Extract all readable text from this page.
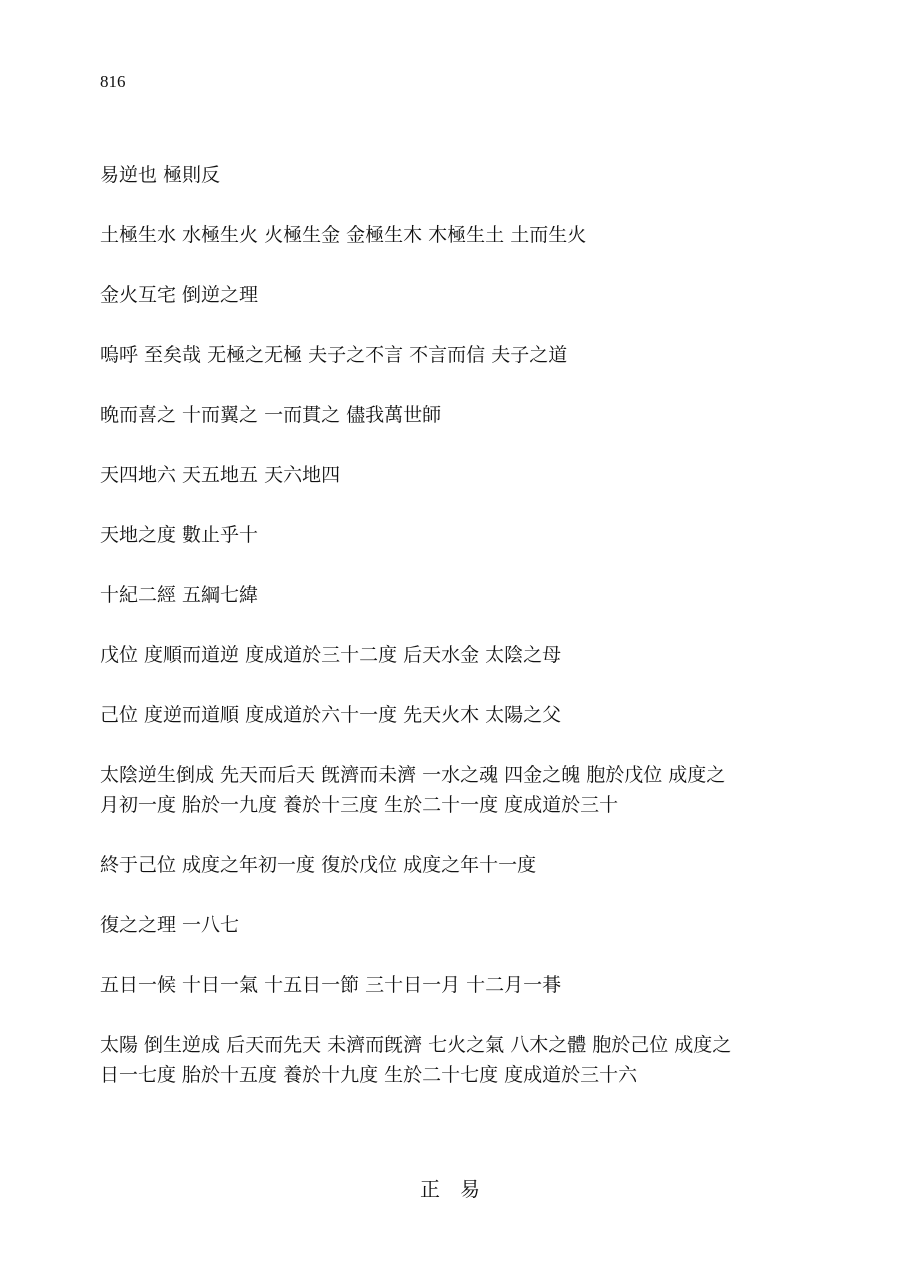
816

易逆也 極則反

土極生水 水極生火 火極生金 金極生木 木極生土 土而生火

金火互宅 倒逆之理

嗚呼 至矣哉 无極之无極 夫子之不言 不言而信 夫子之道

晩而喜之 十而翼之 一而貫之 儘我萬世師

天四地六 天五地五 天六地四

天地之度 數止乎十

十紀二經 五綱七緯

戊位 度順而道逆 度成道於三十二度 后天水金 太陰之母

己位 度逆而道順 度成道於六十一度 先天火木 太陽之父

太陰逆生倒成 先天而后天 旣濟而未濟 一水之魂 四金之魄 胞於戊位 成度之
月初一度 胎於一九度 養於十三度 生於二十一度 度成道於三十

終于己位 成度之年初一度 復於戊位 成度之年十一度

復之之理 一八七

五日一候 十日一氣 十五日一節 三十日一月 十二月一朞

太陽 倒生逆成 后天而先天 未濟而旣濟 七火之氣 八木之體 胞於己位 成度之
日一七度 胎於十五度 養於十九度 生於二十七度 度成道於三十六

正 易
